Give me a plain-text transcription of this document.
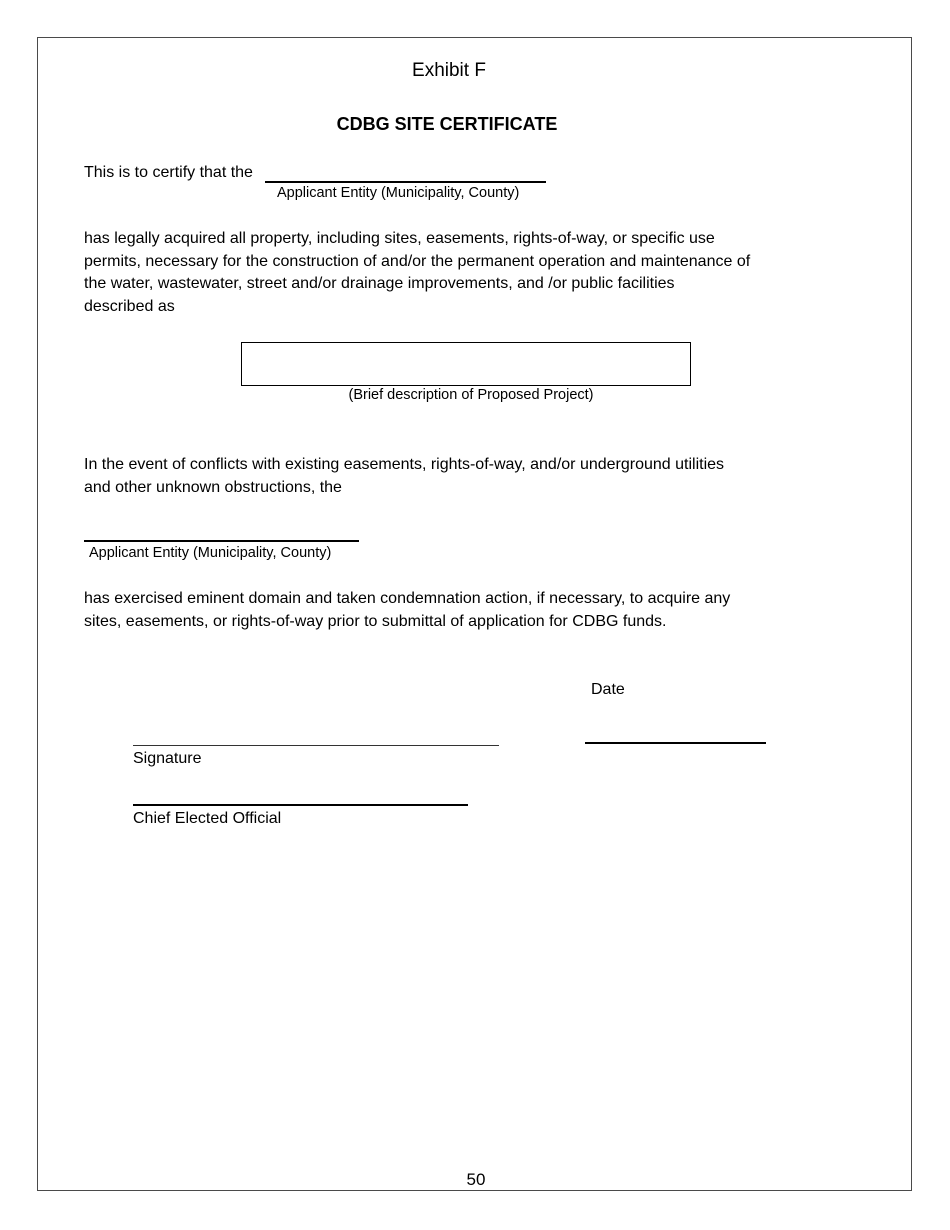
Exhibit F
CDBG SITE CERTIFICATE
This is to certify that the
Applicant Entity (Municipality, County)
has legally acquired all property, including sites, easements, rights-of-way, or specific use
permits, necessary for the construction of and/or the permanent operation and maintenance of
the water, wastewater, street and/or drainage improvements, and /or public facilities
described as
(Brief description of Proposed Project)
In the event of conflicts with existing easements, rights-of-way, and/or underground utilities
and other unknown obstructions, the
Applicant Entity (Municipality, County)
has exercised eminent domain and taken condemnation action, if necessary, to acquire any
sites, easements, or rights-of-way prior to submittal of application for CDBG funds.
Date
Signature
Chief Elected Official
50
